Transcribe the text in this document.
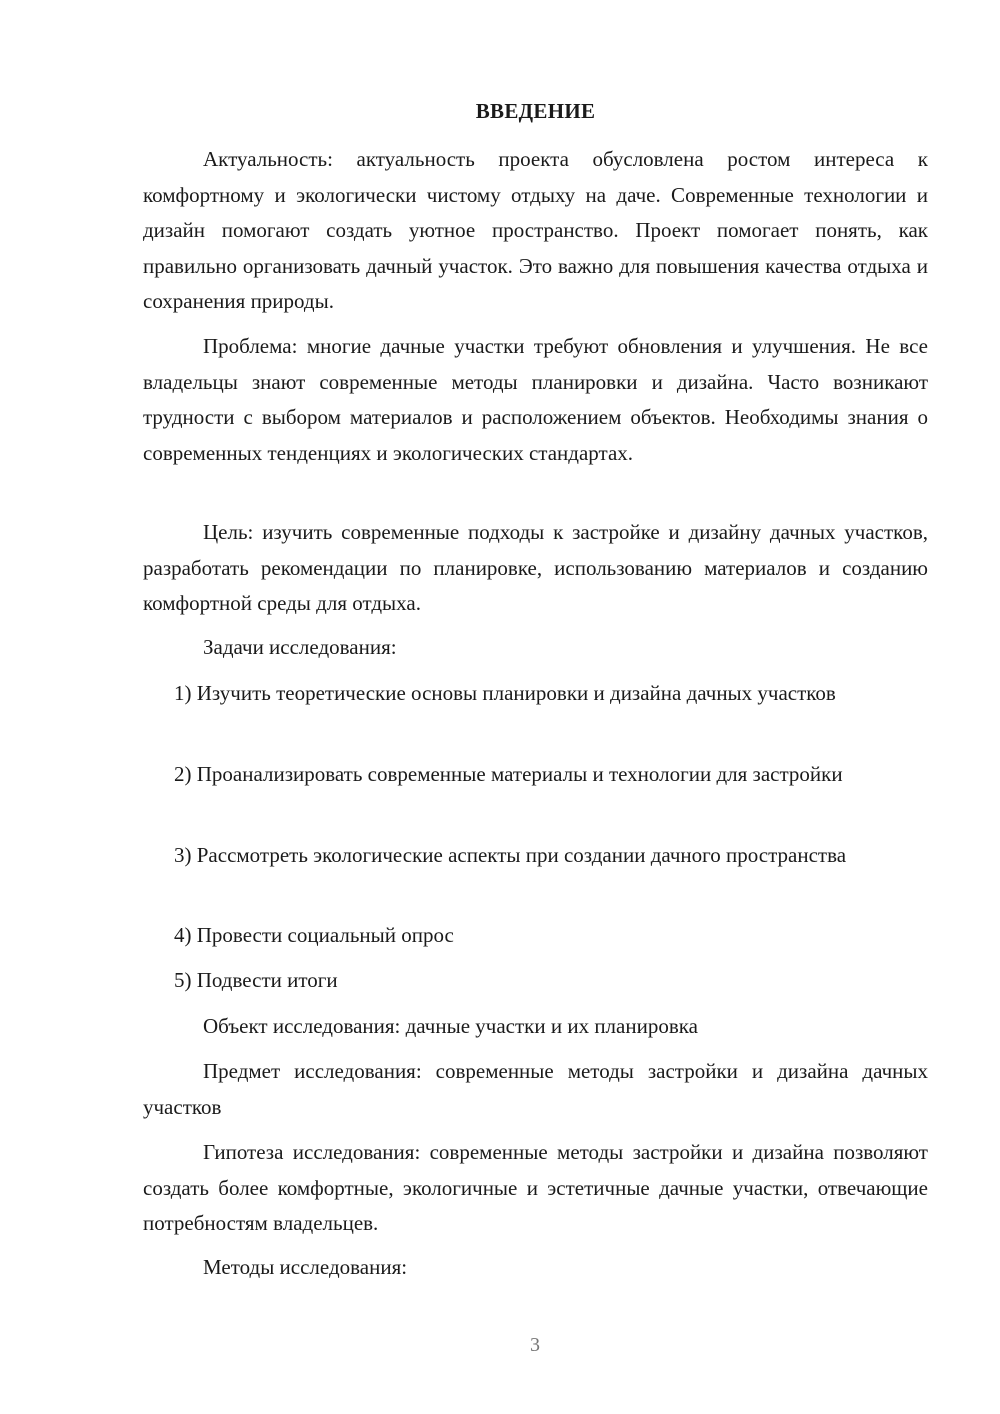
ВВЕДЕНИЕ

Актуальность: актуальность проекта обусловлена ростом интереса к комфортному и экологически чистому отдыху на даче. Современные технологии и дизайн помогают создать уютное пространство. Проект помогает понять, как правильно организовать дачный участок. Это важно для повышения качества отдыха и сохранения природы.

Проблема: многие дачные участки требуют обновления и улучшения. Не все владельцы знают современные методы планировки и дизайна. Часто возникают трудности с выбором материалов и расположением объектов. Необходимы знания о современных тенденциях и экологических стандартах.

Цель: изучить современные подходы к застройке и дизайну дачных участков, разработать рекомендации по планировке, использованию материалов и созданию комфортной среды для отдыха.

Задачи исследования:

1) Изучить теоретические основы планировки и дизайна дачных участков

2) Проанализировать современные материалы и технологии для застройки

3) Рассмотреть экологические аспекты при создании дачного пространства

4) Провести социальный опрос

5) Подвести итоги

Объект исследования: дачные участки и их планировка

Предмет исследования: современные методы застройки и дизайна дачных участков

Гипотеза исследования: современные методы застройки и дизайна позволяют создать более комфортные, экологичные и эстетичные дачные участки, отвечающие потребностям владельцев.

Методы исследования:

3
